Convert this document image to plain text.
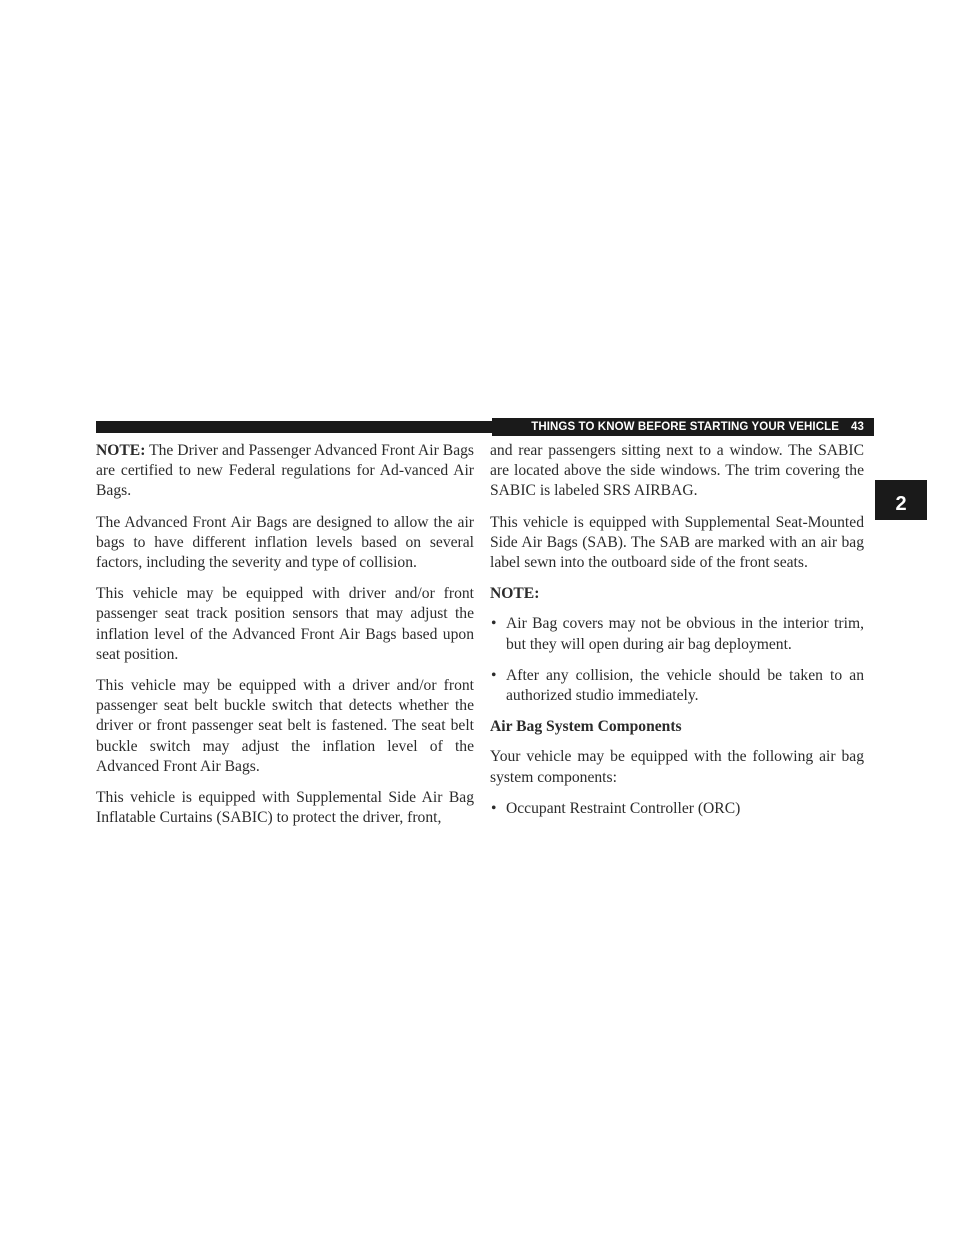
THINGS TO KNOW BEFORE STARTING YOUR VEHICLE 43
2

NOTE: The Driver and Passenger Advanced Front Air Bags are certified to new Federal regulations for Ad-vanced Air Bags.

The Advanced Front Air Bags are designed to allow the air bags to have different inflation levels based on several factors, including the severity and type of collision.

This vehicle may be equipped with driver and/or front passenger seat track position sensors that may adjust the inflation level of the Advanced Front Air Bags based upon seat position.

This vehicle may be equipped with a driver and/or front passenger seat belt buckle switch that detects whether the driver or front passenger seat belt is fastened. The seat belt buckle switch may adjust the inflation level of the Advanced Front Air Bags.

This vehicle is equipped with Supplemental Side Air Bag Inflatable Curtains (SABIC) to protect the driver, front,

and rear passengers sitting next to a window. The SABIC are located above the side windows. The trim covering the SABIC is labeled SRS AIRBAG.

This vehicle is equipped with Supplemental Seat-Mounted Side Air Bags (SAB). The SAB are marked with an air bag label sewn into the outboard side of the front seats.

NOTE:

• Air Bag covers may not be obvious in the interior trim, but they will open during air bag deployment.
• After any collision, the vehicle should be taken to an authorized studio immediately.

Air Bag System Components

Your vehicle may be equipped with the following air bag system components:

• Occupant Restraint Controller (ORC)
